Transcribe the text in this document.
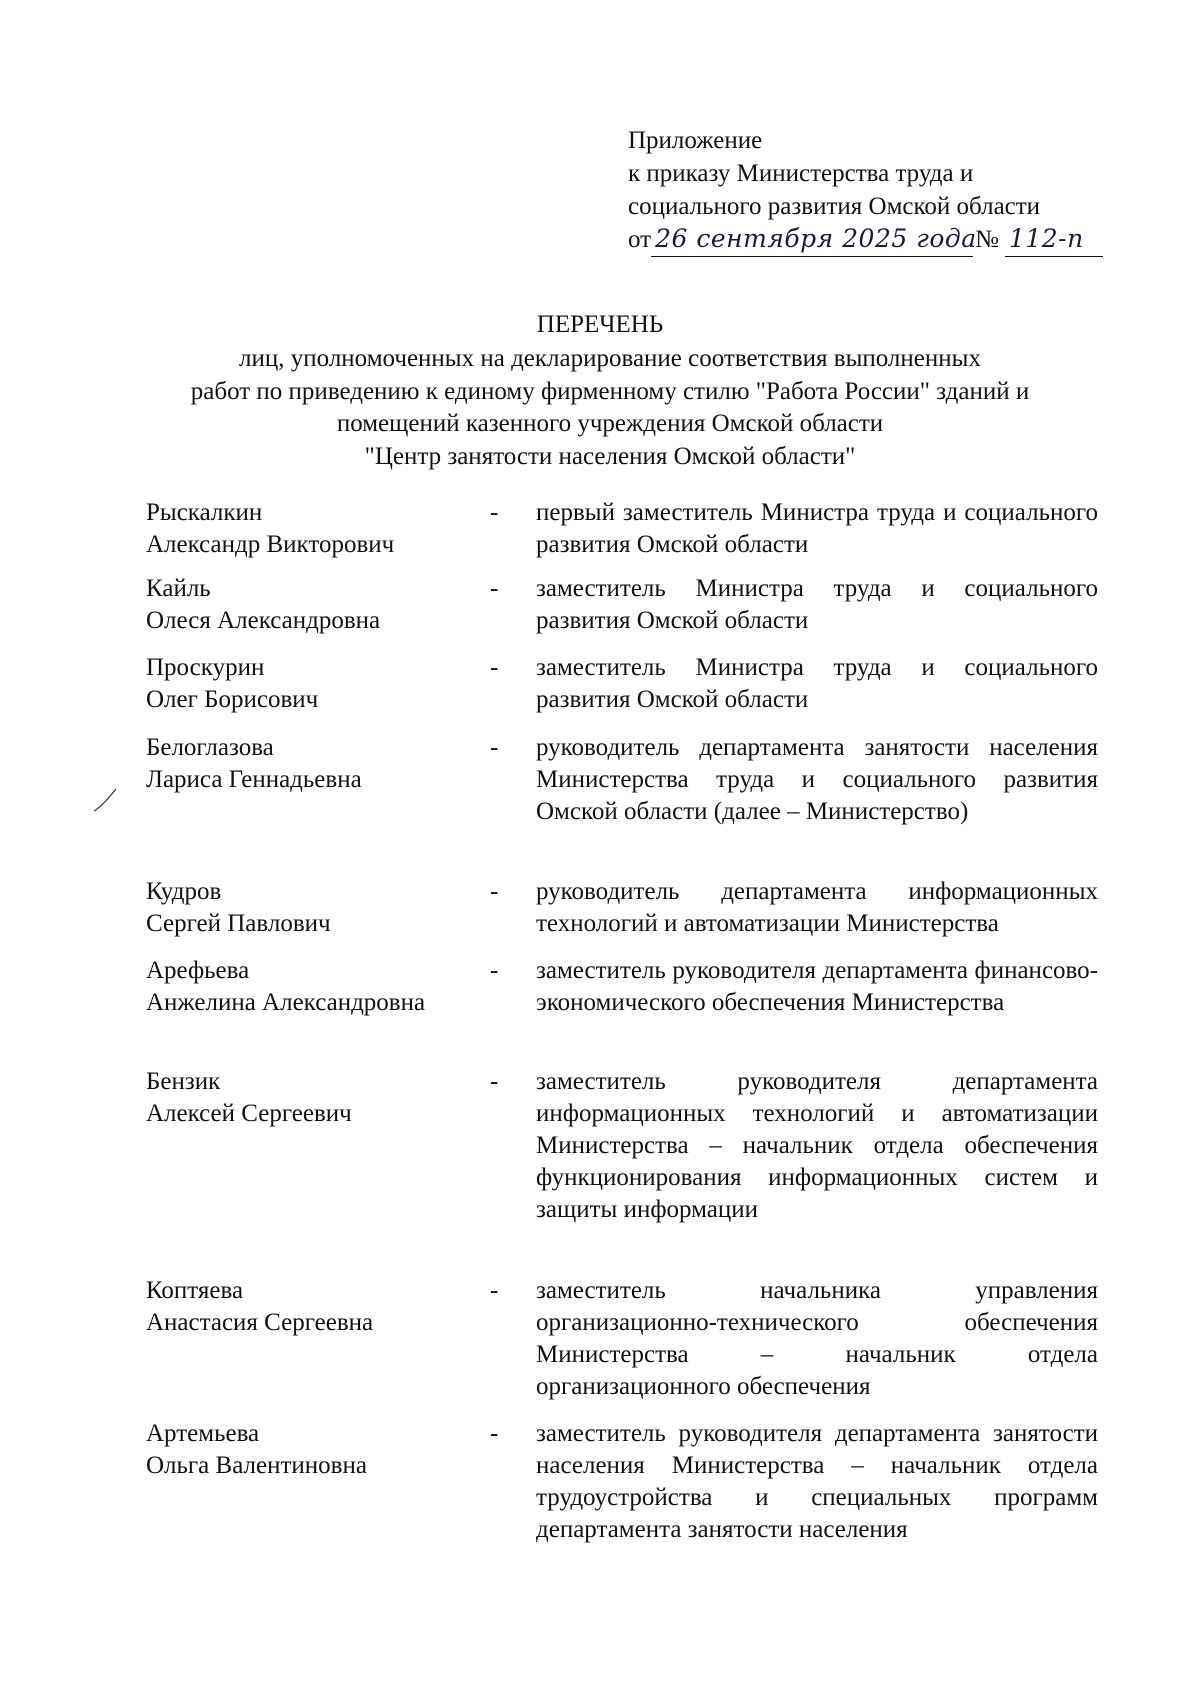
Приложение
к приказу Министерства труда и
социального развития Омской области
от 26 сентября 2025 года
№ 112-п

ПЕРЕЧЕНЬ
лиц, уполномоченных на декларирование соответствия выполненных
работ по приведению к единому фирменному стилю "Работа России" зданий и
помещений казенного учреждения Омской области
"Центр занятости населения Омской области"
Рыскалкин
Александр Викторович
-	первый заместитель Министра труда и социального развития Омской области
Кайль
Олеся Александровна
-	заместитель Министра труда и социального развития Омской области
Проскурин
Олег Борисович
-	заместитель Министра труда и социального развития Омской области
Белоглазова
Лариса Геннадьевна
-	руководитель департамента занятости населения Министерства труда и социального развития Омской области (далее – Министерство)
Кудров
Сергей Павлович
-	руководитель департамента информационных технологий и автоматизации Министерства
Арефьева
Анжелина Александровна
-	заместитель руководителя департамента финансово-экономического обеспечения Министерства
Бензик
Алексей Сергеевич
-	заместитель руководителя департамента информационных технологий и автоматизации Министерства – начальник отдела обеспечения функционирования информационных систем и защиты информации
Коптяева
Анастасия Сергеевна
-	заместитель начальника управления организационно-технического обеспечения Министерства – начальник отдела организационного обеспечения
Артемьева
Ольга Валентиновна
-	заместитель руководителя департамента занятости населения Министерства – начальник отдела трудоустройства и специальных программ департамента занятости населения
